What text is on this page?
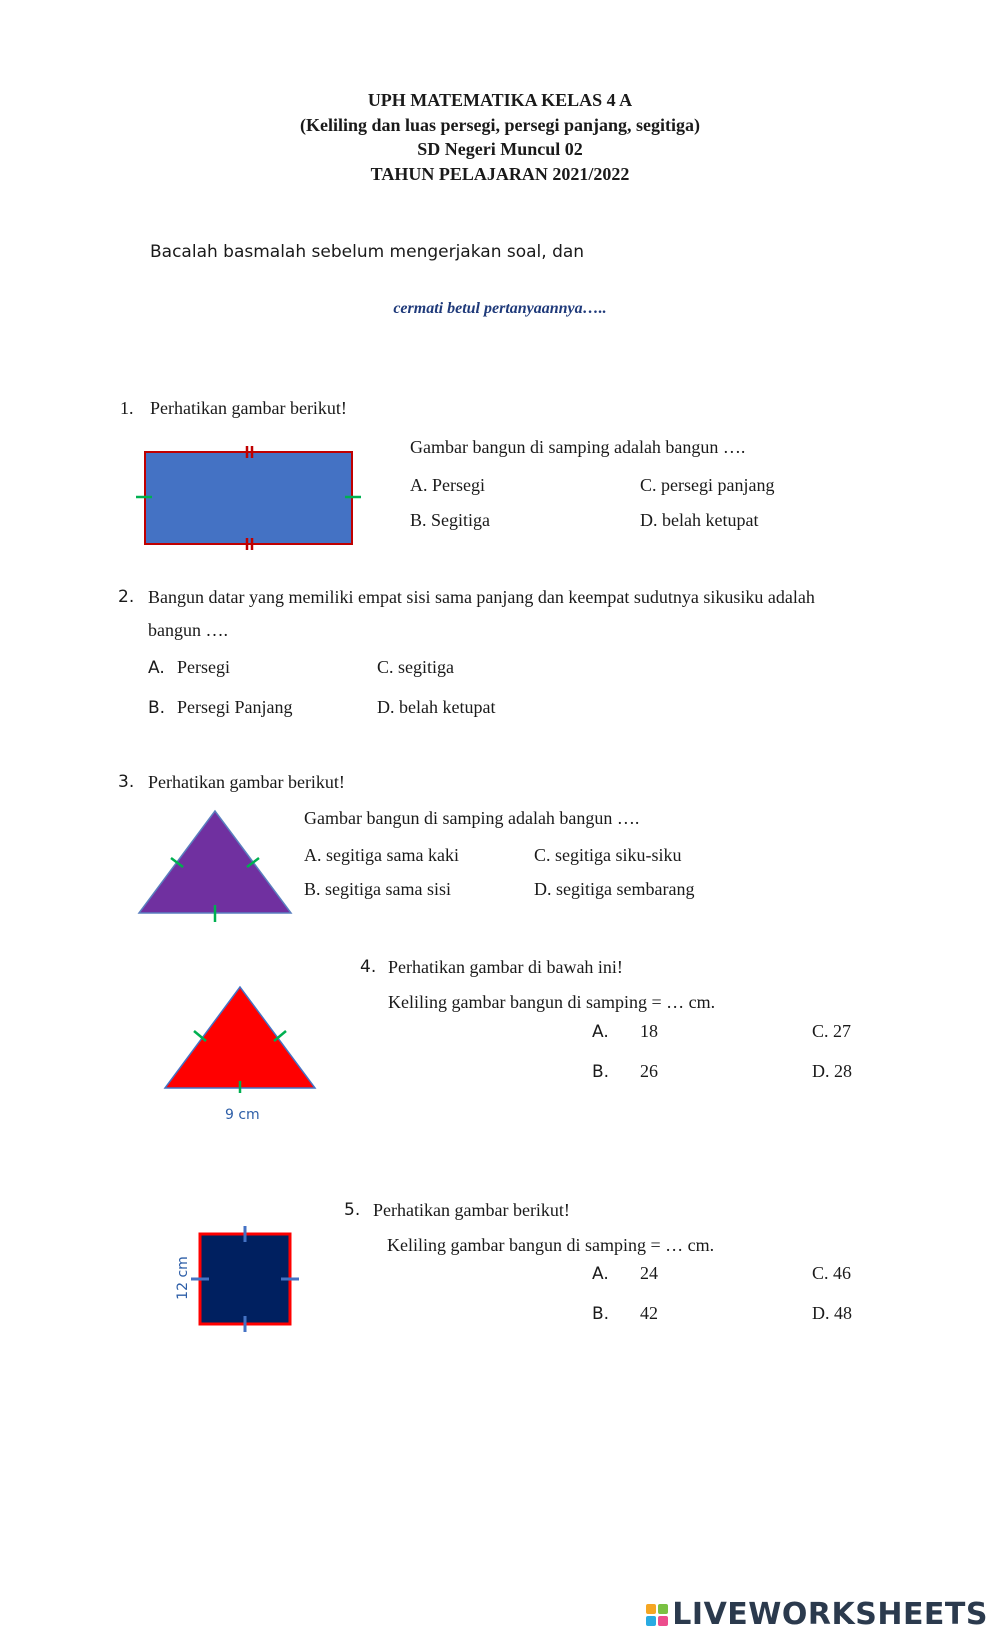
UPH MATEMATIKA KELAS 4 A
(Keliling dan luas persegi, persegi panjang, segitiga)
SD Negeri Muncul 02
TAHUN PELAJARAN 2021/2022
Bacalah basmalah sebelum mengerjakan soal, dan
cermati betul pertanyaannya…..
1. Perhatikan gambar berikut!
Gambar bangun di samping adalah bangun ….
A. Persegi
B. Segitiga
C. persegi panjang
D. belah ketupat
2. Bangun datar yang memiliki empat sisi sama panjang dan keempat sudutnya sikusiku adalah
bangun ….
A. Persegi
B. Persegi Panjang
C. segitiga
D. belah ketupat
3. Perhatikan gambar berikut!
Gambar bangun di samping adalah bangun ….
A. segitiga sama kaki
B. segitiga sama sisi
C. segitiga siku-siku
D. segitiga sembarang
9 cm
4. Perhatikan gambar di bawah ini!
Keliling gambar bangun di samping = … cm.
A. 18
B. 26
C. 27
D. 28
12 cm
5. Perhatikan gambar berikut!
Keliling gambar bangun di samping = … cm.
A. 24
B. 42
C. 46
D. 48
LIVEWORKSHEETS
